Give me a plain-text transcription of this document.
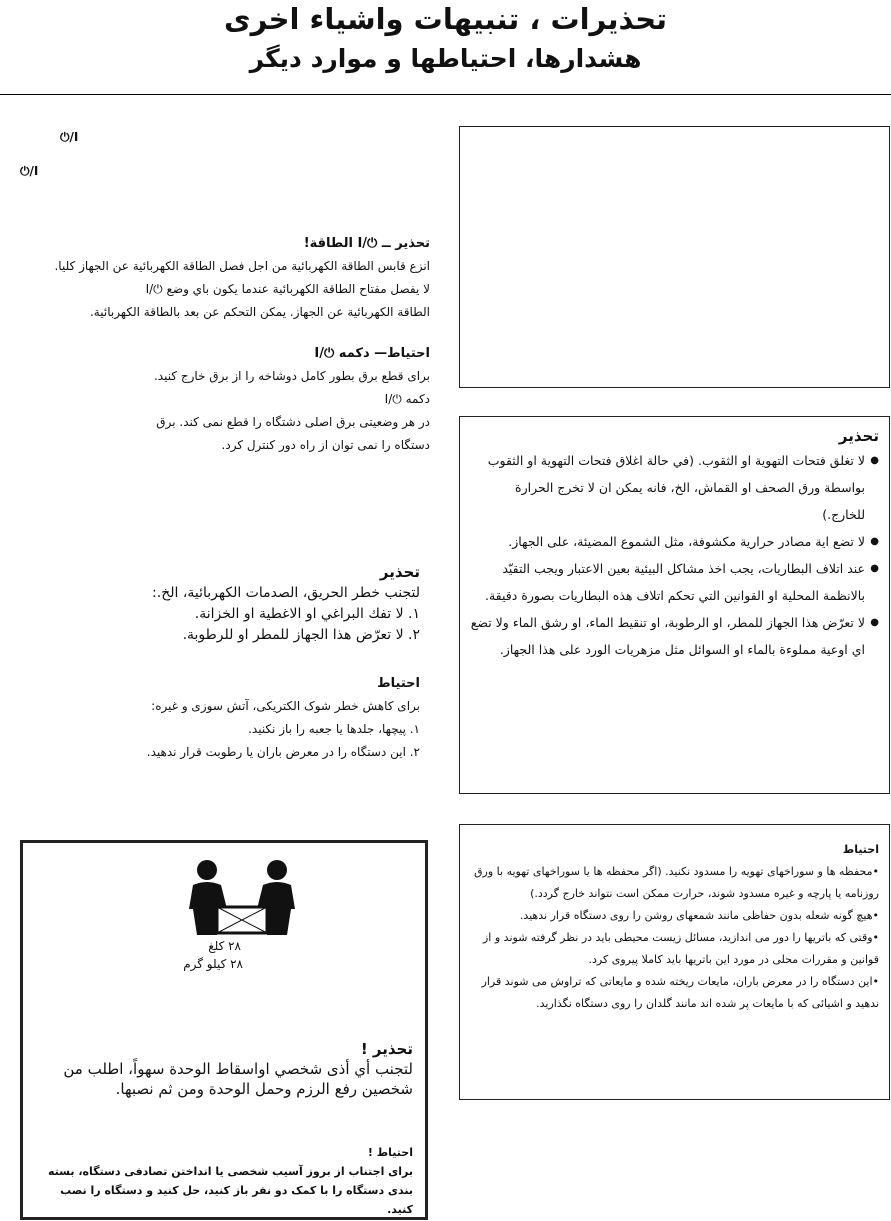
تحذيرات ، تنبيهات واشياء اخرى
هشدارها، احتياطها و موارد ديگر
⏻/I
⏻/I
تحذير ــ ⏻/I الطاقة!
انزع قابس الطاقة الكهربائية من اجل فصل الطاقة الكهربائية عن الجهاز كليا.
لا يفصل مفتاح الطاقة الكهربائية عندما يكون باي وضع ⏻/I
الطاقة الكهربائية عن الجهاز. يمكن التحكم عن بعد بالطاقة الكهربائية.
احتياط— دكمه ⏻/I
براى قطع برق بطور كامل دوشاخه را از برق خارج كنيد. دكمه ⏻/I
در هر وضعيتى برق اصلى دشتگاه را قطع نمى كند. برق
دستگاه را نمى توان از راه دور كنترل كرد.
تحذير
لتجنب خطر الحريق، الصدمات الكهربائية، الخ.:
١. لا تفك البراغي او الاغطية او الخزانة.
٢. لا تعرّض هذا الجهاز للمطر او للرطوبة.
احتياط
براى كاهش خطر شوک الكتريكى، آتش سوزى و غيره:
١. پيچها، جلدها يا جعبه را باز نكنيد.
٢. اين دستگاه را در معرض باران يا رطوبت قرار ندهيد.
تحذير
● لا تغلق فتحات التهوية او الثقوب. (في حالة اغلاق فتحات التهوية او الثقوب بواسطة ورق الصحف او القماش، الخ، فانه يمكن ان لا تخرج الحرارة للخارج.)
● لا تضع اية مصادر حرارية مكشوفة، مثل الشموع المضيئة، على الجهاز.
● عند اتلاف البطاريات، يجب اخذ مشاكل البيئية بعين الاعتبار ويجب التقيّد بالانظمة المحلية او القوانين التي تحكم اتلاف هذه البطاريات بصورة دقيقة.
● لا تعرّض هذا الجهاز للمطر، او الرطوبة، او تنقيط الماء، او رشق الماء ولا تضع اي اوعية مملوءة بالماء او السوائل مثل مزهريات الورد على هذا الجهاز.
احتياط
•محفظه ها و سوراخهاى تهويه را مسدود نكنيد. (اگر محفظه ها يا سوراخهاى تهويه با ورق روزنامه يا پارچه و غيره مسدود شوند، حرارت ممكن است نتواند خارج گردد.)
•هيچ گونه شعله بدون حفاظى مانند شمعهاى روشن را روى دستگاه قرار ندهيد.
•وقتى كه باتريها را دور مى اندازيد، مسائل زيست محيطى بايد در نظر گرفته شوند و از قوانين و مقررات محلى در مورد اين باتريها بايد كاملا پيروى كرد.
•اين دستگاه را در معرض باران، مايعات ريخته شده و مايعاتى كه تراوش مى شوند قرار ندهيد و اشيائى كه با مايعات پر شده اند مانند گلدان را روى دستگاه نگذاريد.
٢٨ كلغ
٢٨ كيلو گرم
تحذير !
لتجنب أي أذى شخصي اواسقاط الوحدة سهواً، اطلب من شخصين رفع الرزم وحمل الوحدة ومن ثم نصبها.
احتياط !
براى اجتناب از بروز آسيب شخصى يا انداختن تصادفى دستگاه، بسته بندى دستگاه را با كمک دو نفر باز كنيد، حل كنيد و دستگاه را نصب كنيد.
